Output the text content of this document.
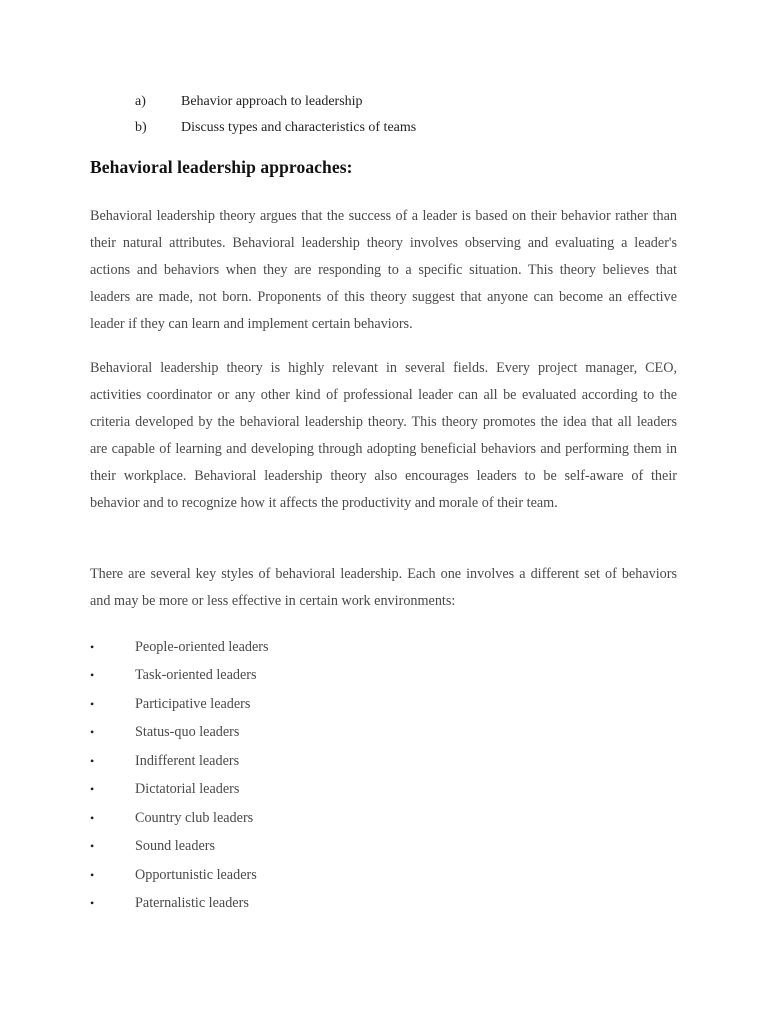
a)	Behavior approach to leadership
b)	Discuss types and characteristics of teams
Behavioral leadership approaches:

Behavioral leadership theory argues that the success of a leader is based on their behavior rather than their natural attributes. Behavioral leadership theory involves observing and evaluating a leader's actions and behaviors when they are responding to a specific situation. This theory believes that leaders are made, not born. Proponents of this theory suggest that anyone can become an effective leader if they can learn and implement certain behaviors.

Behavioral leadership theory is highly relevant in several fields. Every project manager, CEO, activities coordinator or any other kind of professional leader can all be evaluated according to the criteria developed by the behavioral leadership theory. This theory promotes the idea that all leaders are capable of learning and developing through adopting beneficial behaviors and performing them in their workplace. Behavioral leadership theory also encourages leaders to be self-aware of their behavior and to recognize how it affects the productivity and morale of their team.

There are several key styles of behavioral leadership. Each one involves a different set of behaviors and may be more or less effective in certain work environments:

•	People-oriented leaders
•	Task-oriented leaders
•	Participative leaders
•	Status-quo leaders
•	Indifferent leaders
•	Dictatorial leaders
•	Country club leaders
•	Sound leaders
•	Opportunistic leaders
•	Paternalistic leaders
